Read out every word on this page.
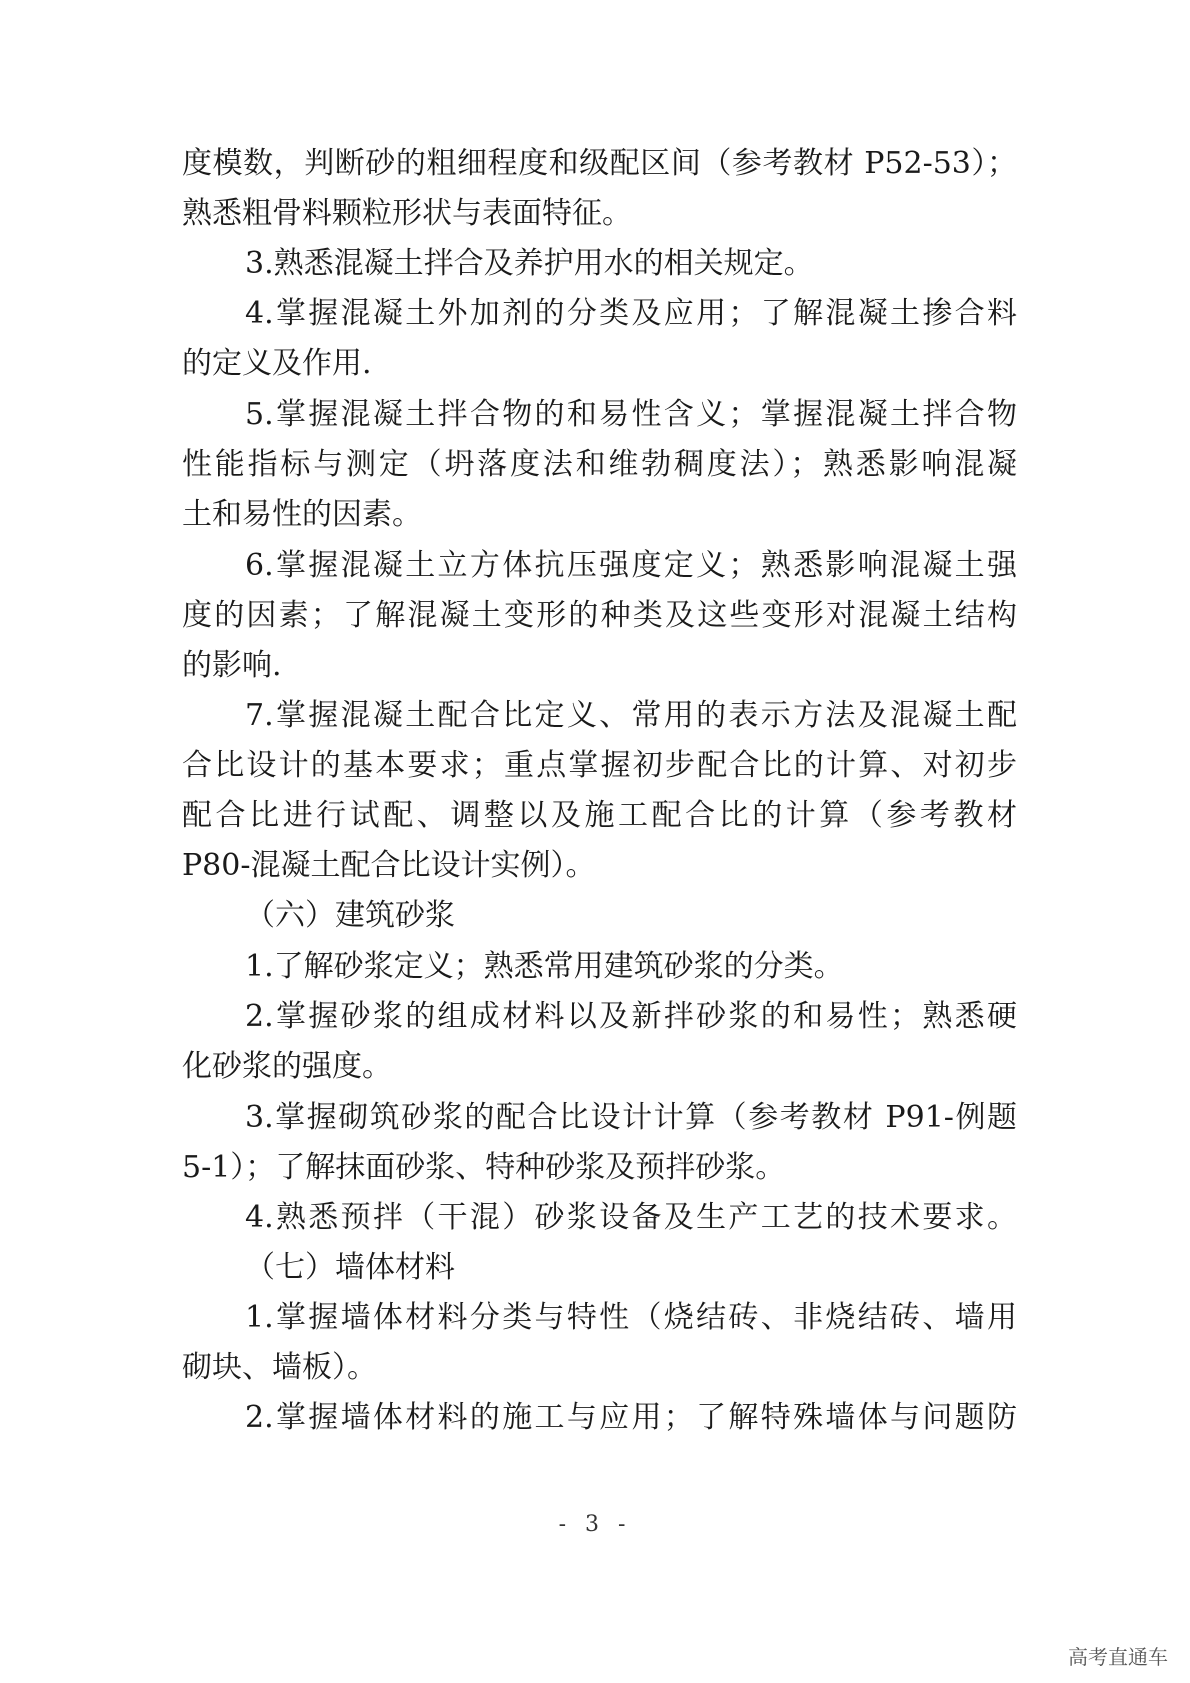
度模数，判断砂的粗细程度和级配区间（参考教材 P52-53）；
熟悉粗骨料颗粒形状与表面特征。
3.熟悉混凝土拌合及养护用水的相关规定。
4.掌握混凝土外加剂的分类及应用；了解混凝土掺合料
的定义及作用.
5.掌握混凝土拌合物的和易性含义；掌握混凝土拌合物
性能指标与测定（坍落度法和维勃稠度法）；熟悉影响混凝
土和易性的因素。
6.掌握混凝土立方体抗压强度定义；熟悉影响混凝土强
度的因素；了解混凝土变形的种类及这些变形对混凝土结构
的影响.
7.掌握混凝土配合比定义、常用的表示方法及混凝土配
合比设计的基本要求；重点掌握初步配合比的计算、对初步
配合比进行试配、调整以及施工配合比的计算（参考教材
P80-混凝土配合比设计实例）。
（六）建筑砂浆
1.了解砂浆定义；熟悉常用建筑砂浆的分类。
2.掌握砂浆的组成材料以及新拌砂浆的和易性；熟悉硬
化砂浆的强度。
3.掌握砌筑砂浆的配合比设计计算（参考教材 P91-例题
5-1）；了解抹面砂浆、特种砂浆及预拌砂浆。
4.熟悉预拌（干混）砂浆设备及生产工艺的技术要求。
（七）墙体材料
1.掌握墙体材料分类与特性（烧结砖、非烧结砖、墙用
砌块、墙板）。
2.掌握墙体材料的施工与应用；了解特殊墙体与问题防
- 3 -
高考直通车
